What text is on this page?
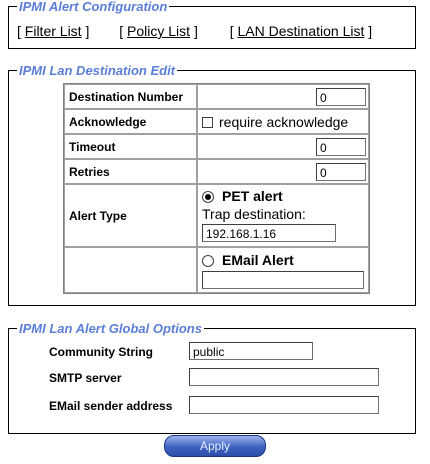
IPMI Alert Configuration
[ Filter List ] [ Policy List ] [ LAN Destination List ]
IPMI Lan Destination Edit
Destination Number	0

Acknowledge	require acknowledge
Timeout	0

Retries	0

Alert Type	PET alert
Trap destination:
192.168.1.16

	EMail Alert
IPMI Lan Alert Global Options
Community String	public
SMTP server
EMail sender address
Apply
